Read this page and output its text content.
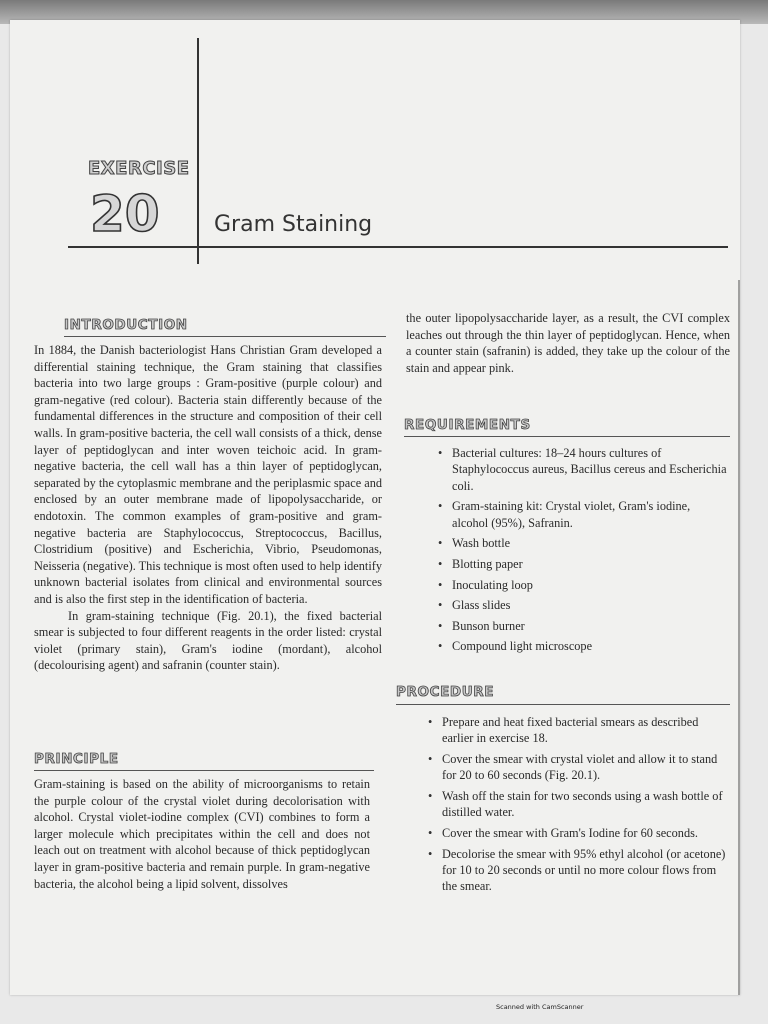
EXERCISE
20 Gram Staining
INTRODUCTION

In 1884, the Danish bacteriologist Hans Christian Gram developed a differential staining technique, the Gram staining that classifies bacteria into two large groups : Gram-positive (purple colour) and gram-negative (red colour). Bacteria stain differently because of the fundamental differences in the structure and composition of their cell walls. In gram-positive bacteria, the cell wall consists of a thick, dense layer of peptidoglycan and inter woven teichoic acid. In gram-negative bacteria, the cell wall has a thin layer of peptidoglycan, separated by the cytoplasmic membrane and the periplasmic space and enclosed by an outer membrane made of lipopolysaccharide, or endotoxin. The common examples of gram-positive and gram-negative bacteria are Staphylococcus, Streptococcus, Bacillus, Clostridium (positive) and Escherichia, Vibrio, Pseudomonas, Neisseria (negative). This technique is most often used to help identify unknown bacterial isolates from clinical and environmental sources and is also the first step in the identification of bacteria.

In gram-staining technique (Fig. 20.1), the fixed bacterial smear is subjected to four different reagents in the order listed: crystal violet (primary stain), Gram's iodine (mordant), alcohol (decolourising agent) and safranin (counter stain).

PRINCIPLE
Gram-staining is based on the ability of microorganisms to retain the purple colour of the crystal violet during decolorisation with alcohol. Crystal violet-iodine complex (CVI) combines to form a larger molecule which precipitates within the cell and does not leach out on treatment with alcohol because of thick peptidoglycan layer in gram-positive bacteria and remain purple. In gram-negative bacteria, the alcohol being a lipid solvent, dissolves
the outer lipopolysaccharide layer, as a result, the CVI complex leaches out through the thin layer of peptidoglycan. Hence, when a counter stain (safranin) is added, they take up the colour of the stain and appear pink.
REQUIREMENTS
• Bacterial cultures: 18–24 hours cultures of Staphylococcus aureus, Bacillus cereus and Escherichia coli.
• Gram-staining kit: Crystal violet, Gram's iodine, alcohol (95%), Safranin.
• Wash bottle
• Blotting paper
• Inoculating loop
• Glass slides
• Bunson burner
• Compound light microscope
PROCEDURE
• Prepare and heat fixed bacterial smears as described earlier in exercise 18.
• Cover the smear with crystal violet and allow it to stand for 20 to 60 seconds (Fig. 20.1).
• Wash off the stain for two seconds using a wash bottle of distilled water.
• Cover the smear with Gram's Iodine for 60 seconds.
• Decolorise the smear with 95% ethyl alcohol (or acetone) for 10 to 20 seconds or until no more colour flows from the smear.
Scanned with CamScanner
